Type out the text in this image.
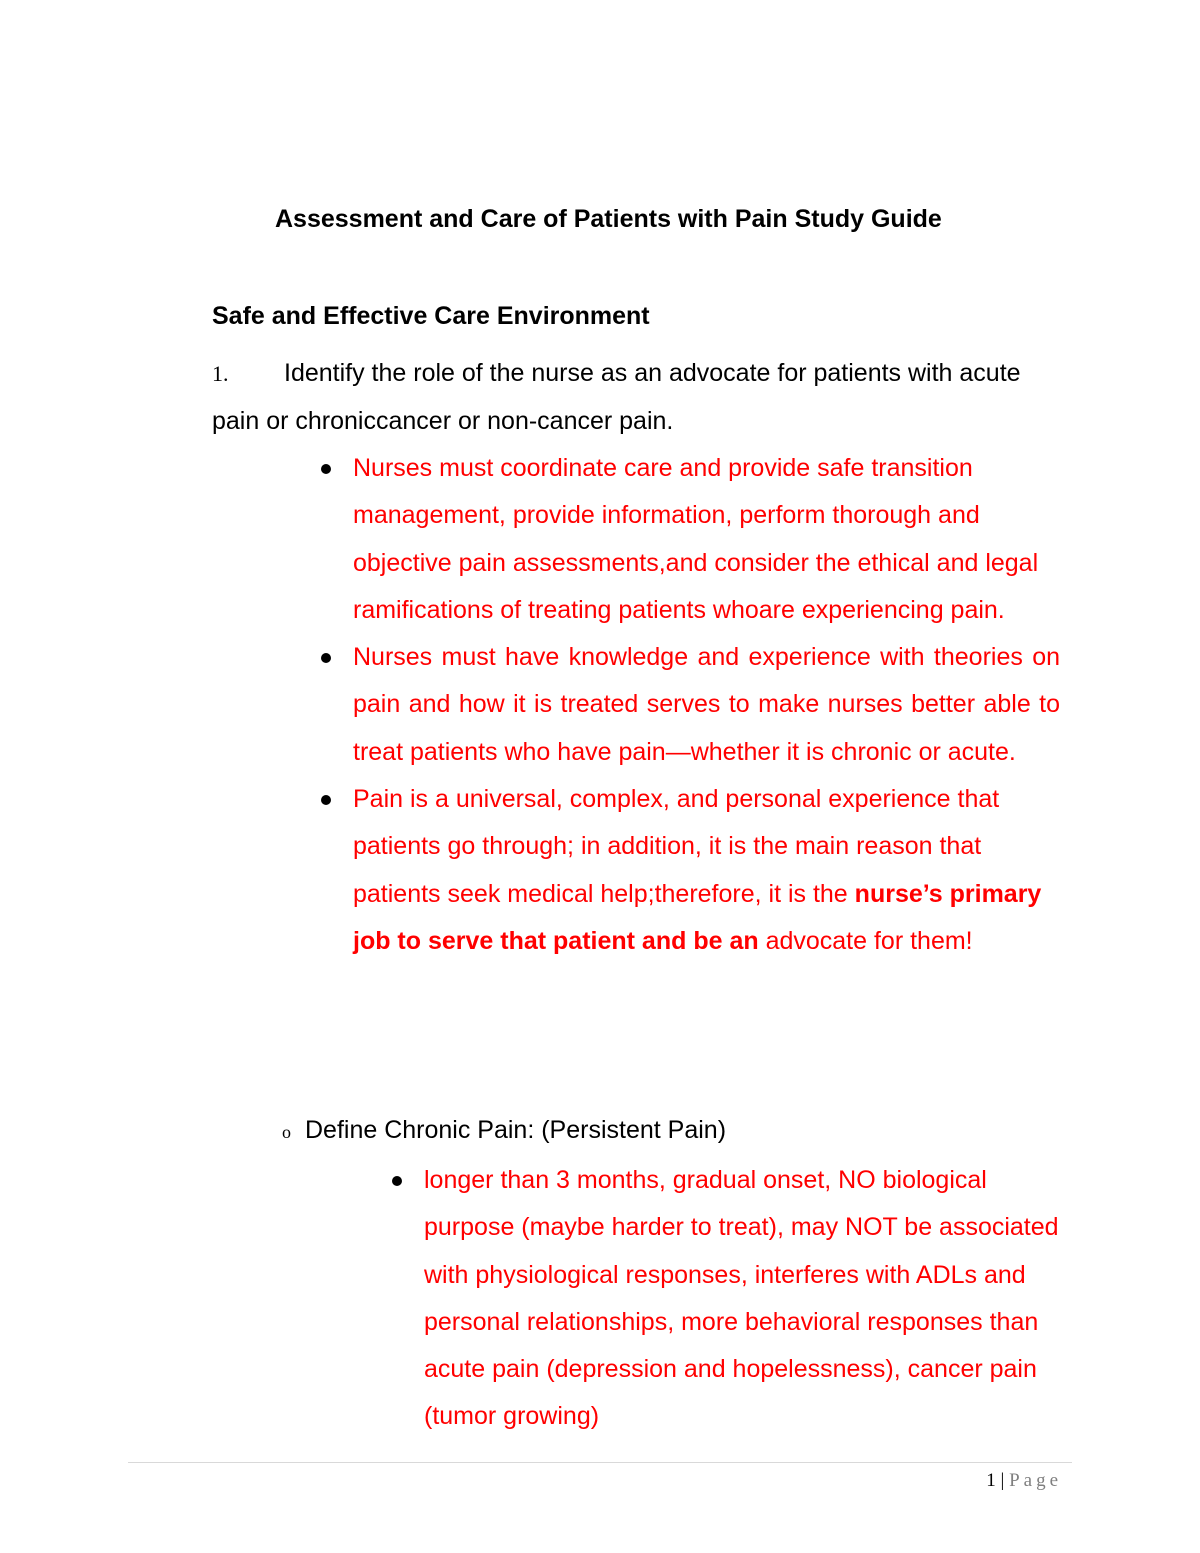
Assessment and Care of Patients with Pain Study Guide
Safe and Effective Care Environment
1. Identify the role of the nurse as an advocate for patients with acute pain or chroniccancer or non-cancer pain.
Nurses must coordinate care and provide safe transition management, provide information, perform thorough and objective pain assessments,and consider the ethical and legal ramifications of treating patients whoare experiencing pain.
Nurses must have knowledge and experience with theories on pain and how it is treated serves to make nurses better able to treat patients who have pain—whether it is chronic or acute.
Pain is a universal, complex, and personal experience that patients go through; in addition, it is the main reason that patients seek medical help;therefore, it is the nurse’s primary job to serve that patient and be an advocate for them!
o Define Chronic Pain: (Persistent Pain)
longer than 3 months, gradual onset, NO biological purpose (maybe harder to treat), may NOT be associated with physiological responses, interferes with ADLs and personal relationships, more behavioral responses than acute pain (depression and hopelessness), cancer pain (tumor growing)
1 | Page
